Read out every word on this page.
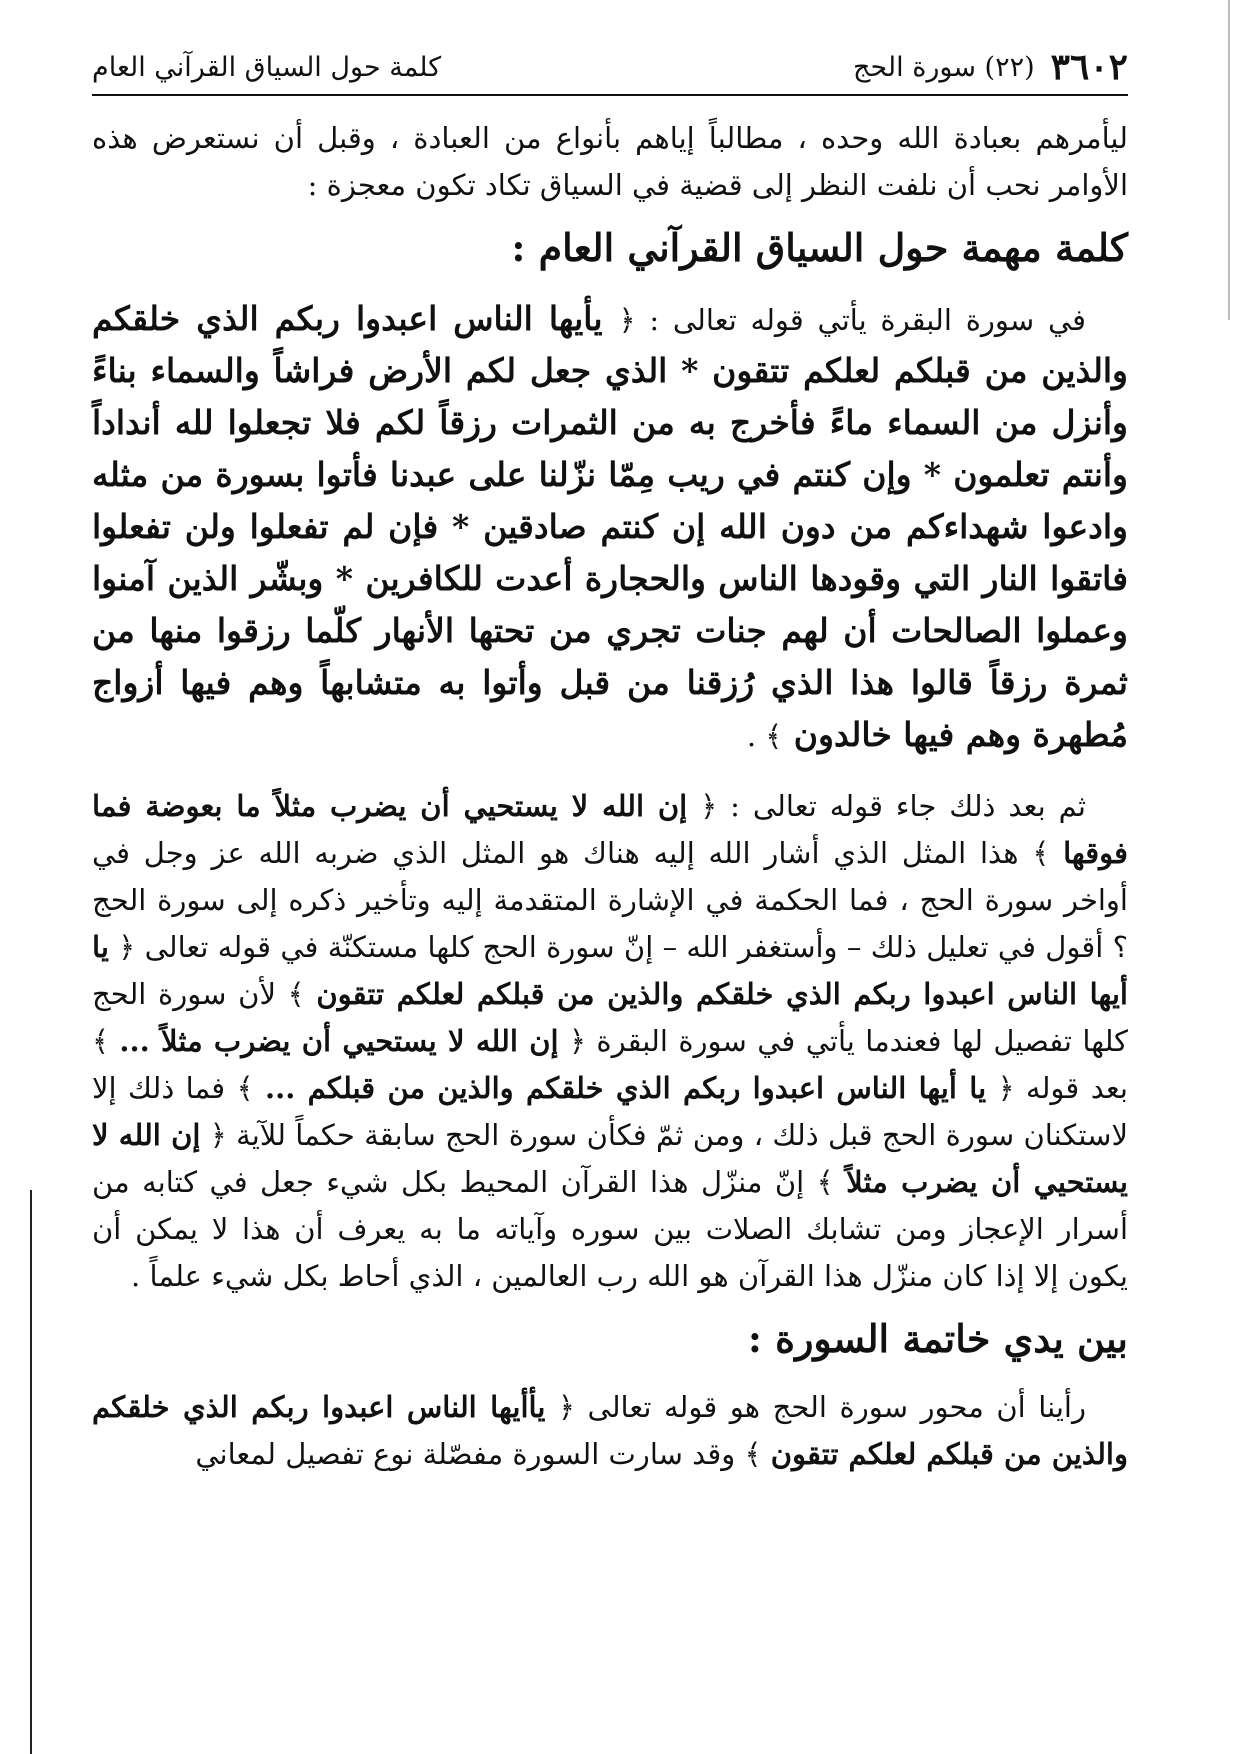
٣٦٠٢
(٢٢) سورة الحج
كلمة حول السياق القرآني العام

ليأمرهم بعبادة الله وحده ، مطالباً إياهم بأنواع من العبادة ، وقبل أن نستعرض هذه الأوامر نحب أن نلفت النظر إلى قضية في السياق تكاد تكون معجزة :

كلمة مهمة حول السياق القرآني العام :

في سورة البقرة يأتي قوله تعالى : ﴿ يأيها الناس اعبدوا ربكم الذي خلقكم والذين من قبلكم لعلكم تتقون * الذي جعل لكم الأرض فراشاً والسماء بناءً وأنزل من السماء ماءً فأخرج به من الثمرات رزقاً لكم فلا تجعلوا لله أنداداً وأنتم تعلمون * وإن كنتم في ريب مِمّا نزّلنا على عبدنا فأتوا بسورة من مثله وادعوا شهداءكم من دون الله إن كنتم صادقين * فإن لم تفعلوا ولن تفعلوا فاتقوا النار التي وقودها الناس والحجارة أعدت للكافرين * وبشّر الذين آمنوا وعملوا الصالحات أن لهم جنات تجري من تحتها الأنهار كلّما رزقوا منها من ثمرة رزقاً قالوا هذا الذي رُزقنا من قبل وأتوا به متشابهاً وهم فيها أزواج مُطهرة وهم فيها خالدون ﴾ .

ثم بعد ذلك جاء قوله تعالى : ﴿ إن الله لا يستحيي أن يضرب مثلاً ما بعوضة فما فوقها ﴾ هذا المثل الذي أشار الله إليه هناك هو المثل الذي ضربه الله عز وجل في أواخر سورة الحج ، فما الحكمة في الإشارة المتقدمة إليه وتأخير ذكره إلى سورة الحج ؟ أقول في تعليل ذلك – وأستغفر الله – إنّ سورة الحج كلها مستكنّة في قوله تعالى ﴿ يا أيها الناس اعبدوا ربكم الذي خلقكم والذين من قبلكم لعلكم تتقون ﴾ لأن سورة الحج كلها تفصيل لها فعندما يأتي في سورة البقرة ﴿ إن الله لا يستحيي أن يضرب مثلاً ... ﴾ بعد قوله ﴿ يا أيها الناس اعبدوا ربكم الذي خلقكم والذين من قبلكم ... ﴾ فما ذلك إلا لاستكنان سورة الحج قبل ذلك ، ومن ثمّ فكأن سورة الحج سابقة حكماً للآية ﴿ إن الله لا يستحيي أن يضرب مثلاً ﴾ إنّ منزّل هذا القرآن المحيط بكل شيء جعل في كتابه من أسرار الإعجاز ومن تشابك الصلات بين سوره وآياته ما به يعرف أن هذا لا يمكن أن يكون إلا إذا كان منزّل هذا القرآن هو الله رب العالمين ، الذي أحاط بكل شيء علماً .

بين يدي خاتمة السورة :

رأينا أن محور سورة الحج هو قوله تعالى ﴿ يأأيها الناس اعبدوا ربكم الذي خلقكم والذين من قبلكم لعلكم تتقون ﴾ وقد سارت السورة مفصّلة نوع تفصيل لمعاني
